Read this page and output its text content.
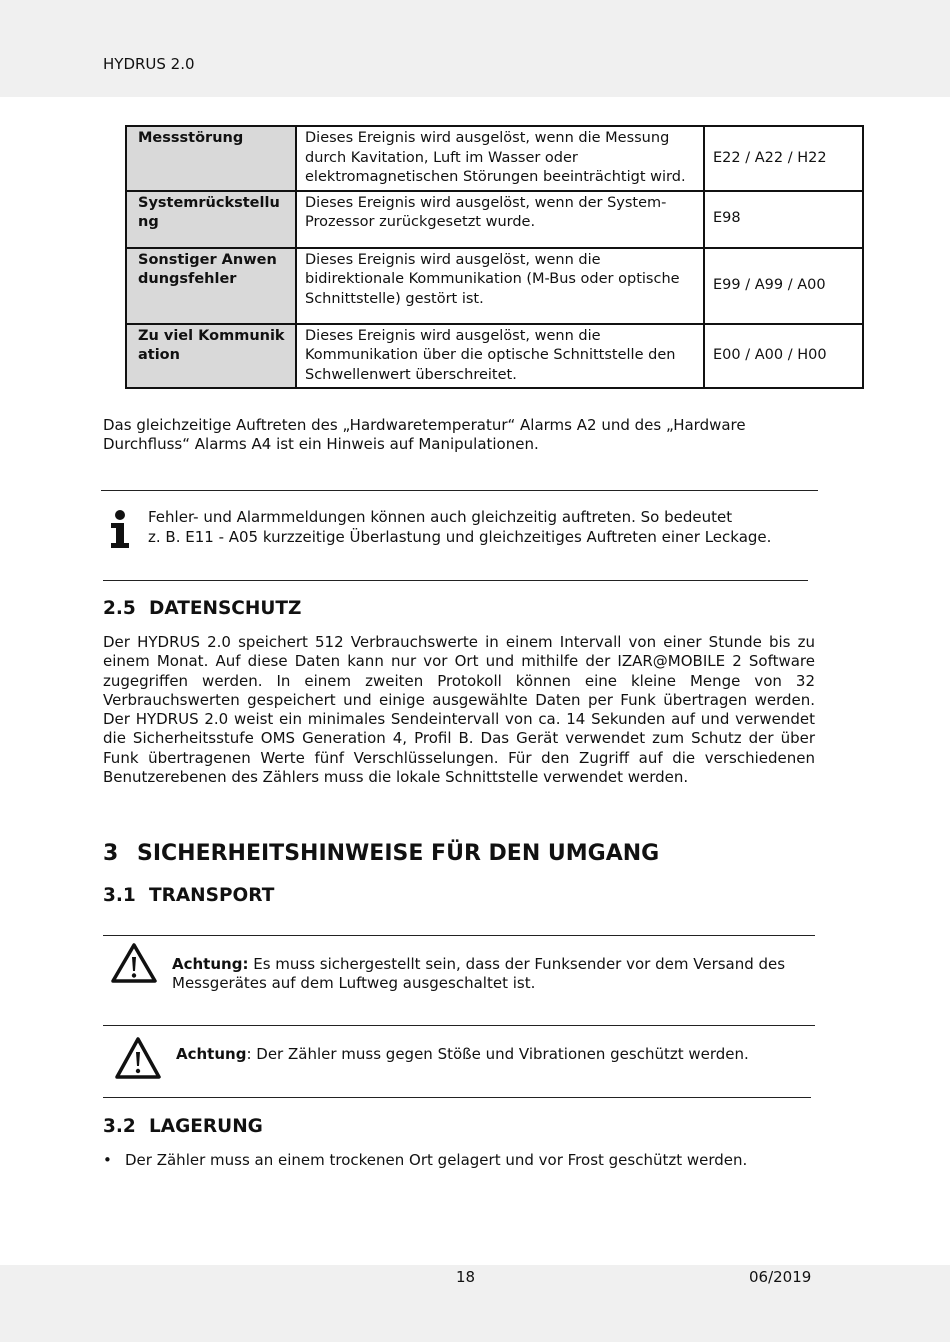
HYDRUS 2.0
Messstörung	Dieses Ereignis wird ausgelöst, wenn die Messung durch Kavitation, Luft im Wasser oder elektromagnetischen Störungen beeinträchtigt wird.	E22 / A22 / H22
Systemrückstellung	Dieses Ereignis wird ausgelöst, wenn der System-Prozessor zurückgesetzt wurde.	E98
Sonstiger Anwendungsfehler	Dieses Ereignis wird ausgelöst, wenn die bidirektionale Kommunikation (M-Bus oder optische Schnittstelle) gestört ist.	E99 / A99 / A00
Zu viel Kommunikation	Dieses Ereignis wird ausgelöst, wenn die Kommunikation über die optische Schnittstelle den Schwellenwert überschreitet.	E00 / A00 / H00
Das gleichzeitige Auftreten des „Hardwaretemperatur“ Alarms A2 und des „Hardware Durchfluss“ Alarms A4 ist ein Hinweis auf Manipulationen.
Fehler- und Alarmmeldungen können auch gleichzeitig auftreten. So bedeutet
z. B. E11 - A05 kurzzeitige Überlastung und gleichzeitiges Auftreten einer Leckage.
2.5 DATENSCHUTZ
Der HYDRUS 2.0 speichert 512 Verbrauchswerte in einem Intervall von einer Stunde bis zu einem Monat. Auf diese Daten kann nur vor Ort und mithilfe der IZAR@MOBILE 2 Software zugegriffen werden. In einem zweiten Protokoll können eine kleine Menge von 32 Verbrauchswerten gespeichert und einige ausgewählte Daten per Funk übertragen werden. Der HYDRUS 2.0 weist ein minimales Sendeintervall von ca. 14 Sekunden auf und verwendet die Sicherheitsstufe OMS Generation 4, Profil B. Das Gerät verwendet zum Schutz der über Funk übertragenen Werte fünf Verschlüsselungen. Für den Zugriff auf die verschiedenen Benutzerebenen des Zählers muss die lokale Schnittstelle verwendet werden.
3 SICHERHEITSHINWEISE FÜR DEN UMGANG
3.1 TRANSPORT
Achtung: Es muss sichergestellt sein, dass der Funksender vor dem Versand des
Messgerätes auf dem Luftweg ausgeschaltet ist.
Achtung: Der Zähler muss gegen Stöße und Vibrationen geschützt werden.
3.2 LAGERUNG
• Der Zähler muss an einem trockenen Ort gelagert und vor Frost geschützt werden.
18	06/2019
